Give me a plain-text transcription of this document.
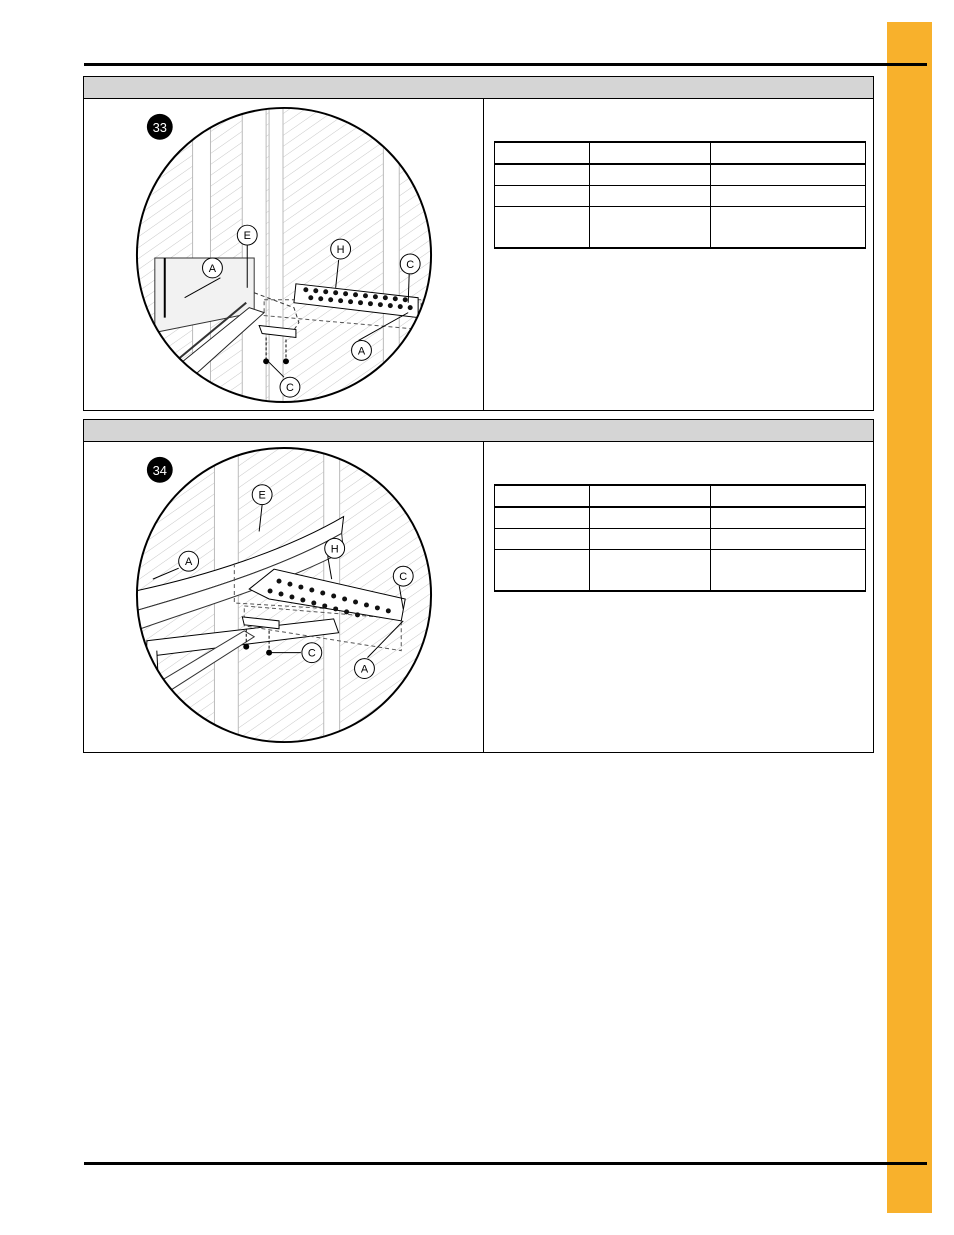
33
E
A
H
C
A
C

34
E
A
H
C
C
A
